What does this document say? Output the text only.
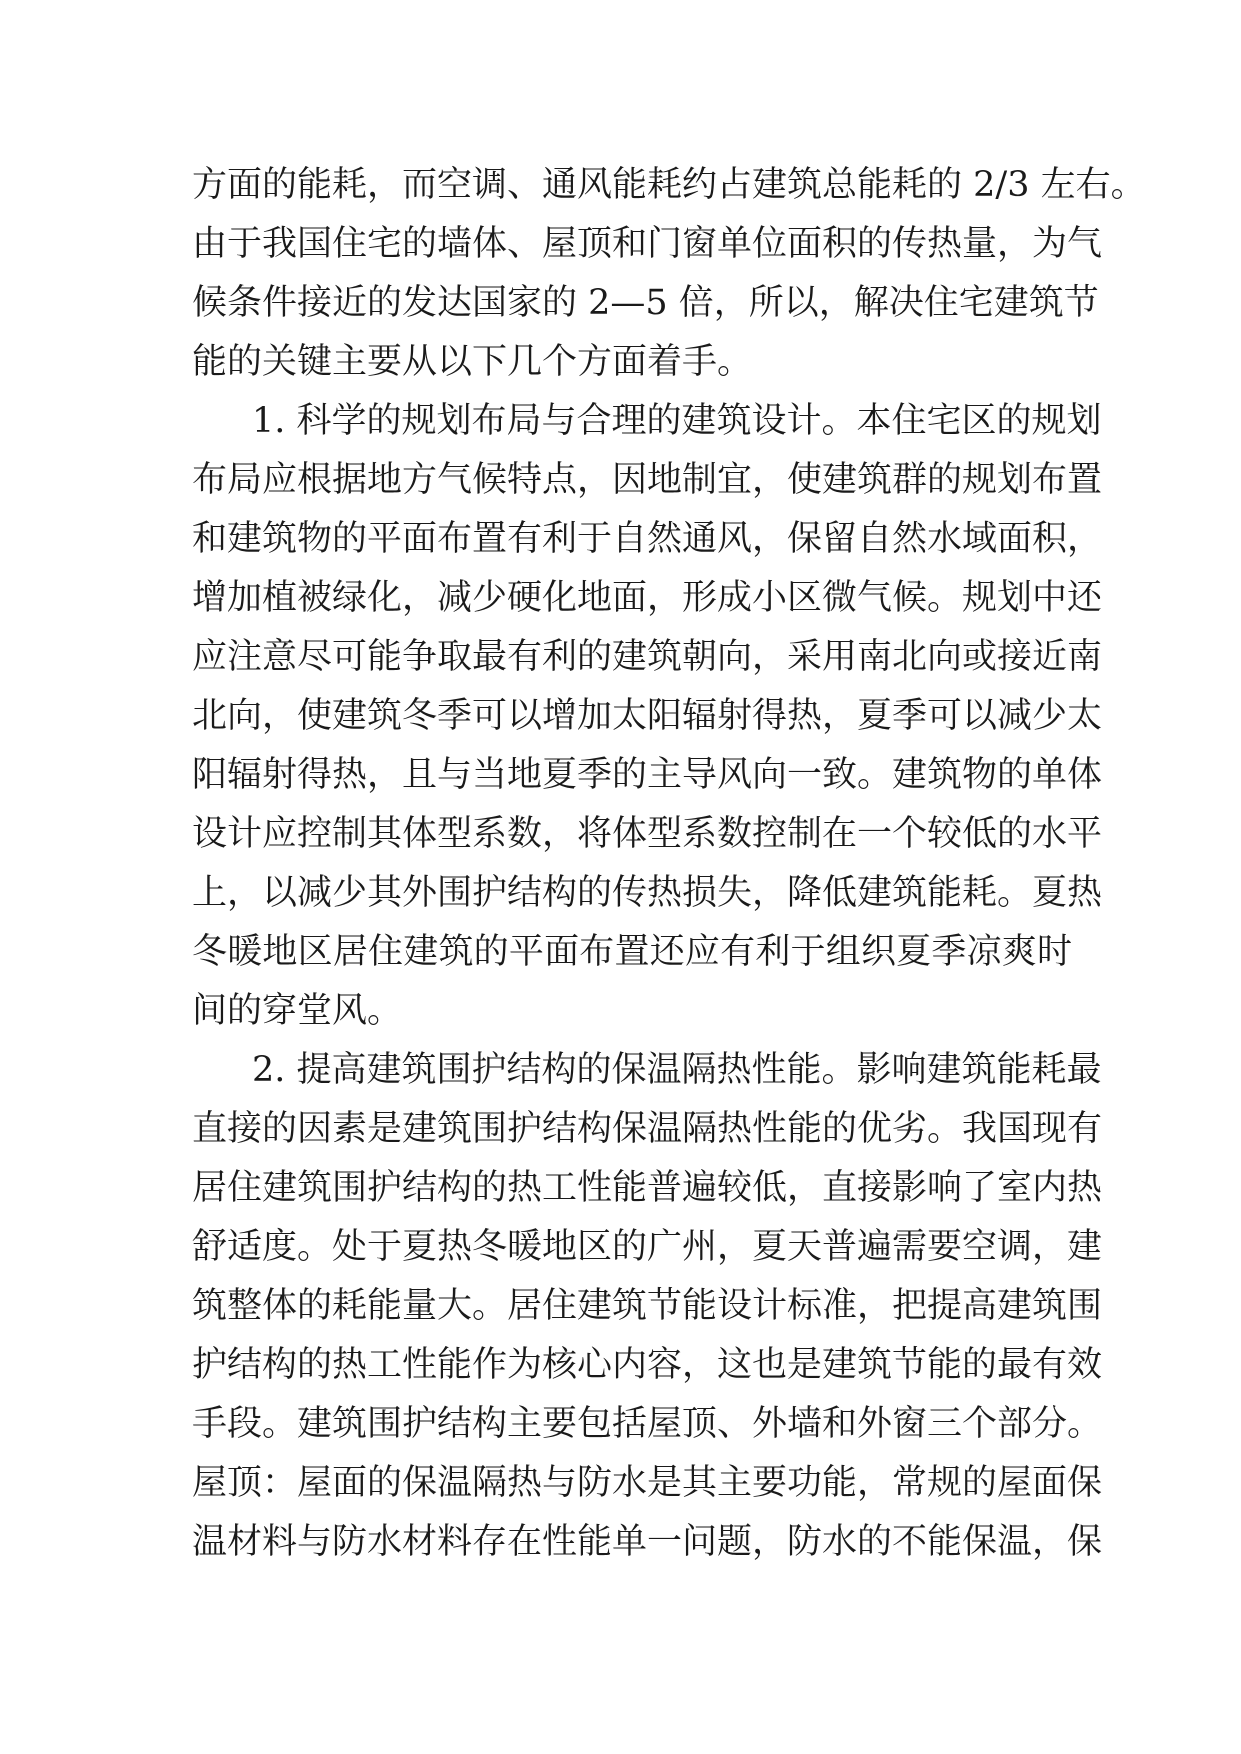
方面的能耗，而空调、通风能耗约占建筑总能耗的 2/3 左右。
由于我国住宅的墙体、屋顶和门窗单位面积的传热量，为气
候条件接近的发达国家的 2—5 倍，所以，解决住宅建筑节
能的关键主要从以下几个方面着手。
1. 科学的规划布局与合理的建筑设计。本住宅区的规划
布局应根据地方气候特点，因地制宜，使建筑群的规划布置
和建筑物的平面布置有利于自然通风，保留自然水域面积，
增加植被绿化，减少硬化地面，形成小区微气候。规划中还
应注意尽可能争取最有利的建筑朝向，采用南北向或接近南
北向，使建筑冬季可以增加太阳辐射得热，夏季可以减少太
阳辐射得热，且与当地夏季的主导风向一致。建筑物的单体
设计应控制其体型系数，将体型系数控制在一个较低的水平
上，以减少其外围护结构的传热损失，降低建筑能耗。夏热
冬暖地区居住建筑的平面布置还应有利于组织夏季凉爽时
间的穿堂风。
2. 提高建筑围护结构的保温隔热性能。影响建筑能耗最
直接的因素是建筑围护结构保温隔热性能的优劣。我国现有
居住建筑围护结构的热工性能普遍较低，直接影响了室内热
舒适度。处于夏热冬暖地区的广州，夏天普遍需要空调，建
筑整体的耗能量大。居住建筑节能设计标准，把提高建筑围
护结构的热工性能作为核心内容，这也是建筑节能的最有效
手段。建筑围护结构主要包括屋顶、外墙和外窗三个部分。
屋顶：屋面的保温隔热与防水是其主要功能，常规的屋面保
温材料与防水材料存在性能单一问题，防水的不能保温，保
